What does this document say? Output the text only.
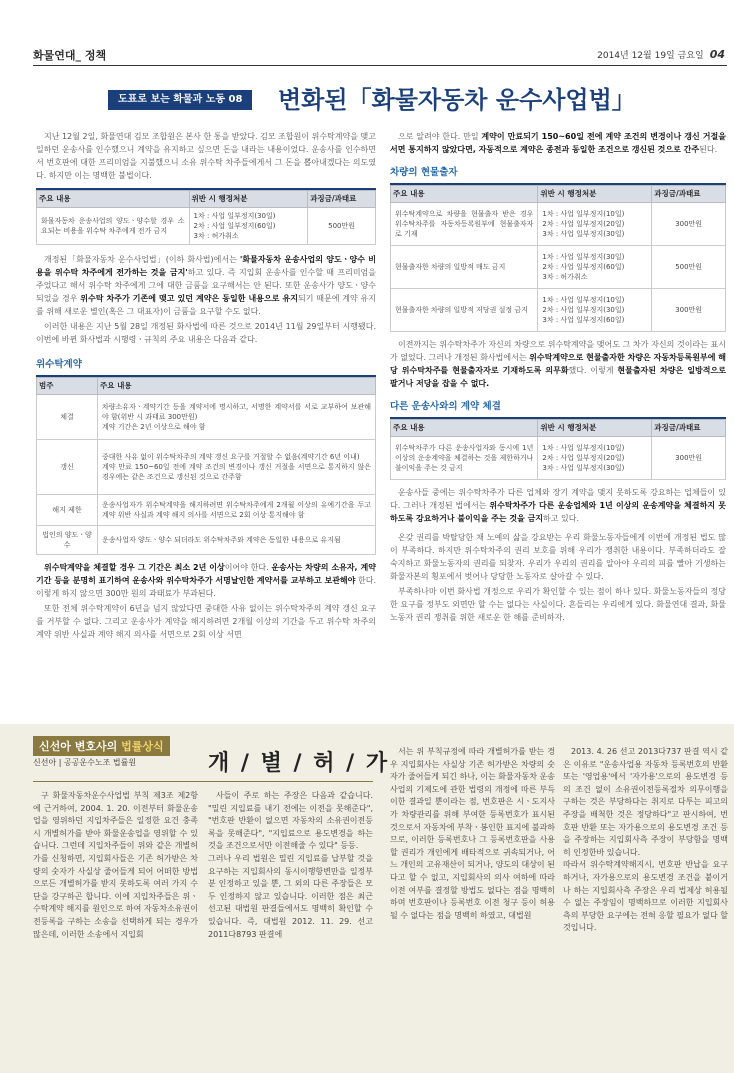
화물연대_ 정책	2014년 12월 19일 금요일 04
도표로 보는 화물과 노동 08	변화된「화물자동차 운수사업법」

지난 12월 2일, 화물연대 김모 조합원은 본사 한 통을 받았다. 김모 조합원이 위수탁계약을 맺고 일하던 운송사를 인수했으니 계약을 유지하고 싶으면 돈을 내라는 내용이었다. 운송사를 인수하면서 번호판에 대한 프리미엄을 지불했으니 소유 위수탁 차주들에게서 그 돈을 뽑아내겠다는 의도였다. 하지만 이는 명백한 불법이다.

주요 내용	위반 시 행정처분	과징금/과태료
화물자동차 운송사업의 양도ㆍ양수할 경우 소요되는 비용을 위수탁 차주에게 전가 금지	1차 : 사업 일부정지(30일)
2차 : 사업 일부정지(60일)
3차 : 허가취소	500만원

개정된「화물자동차 운수사업법」(이하 화사법)에서는 '화물자동차 운송사업의 양도ㆍ양수 비용을 위수탁 차주에게 전가하는 것을 금지'하고 있다. 즉 지입회 운송사를 인수할 때 프리미엄을 주었다고 해서 위수탁 차주에게 그에 대한 금품을 요구해서는 안 된다. 또한 운송사가 양도ㆍ양수되었을 경우 위수탁 차주가 기존에 맺고 있던 계약은 동일한 내용으로 유지되기 때문에 계약 유지를 위해 새로운 별인(혹은 그 대표자)이 금품을 요구할 수도 없다.

이러한 내용은 지난 5월 28일 개정된 화사법에 따른 것으로 2014년 11월 29일부터 시행됐다. 이번에 바뀐 화사법과 시행령ㆍ규칙의 주요 내용은 다음과 같다.

위수탁계약

범주	주요 내용
체결	차량소유자ㆍ계약기간 등을 계약서에 명시하고, 서명한 계약서를 서로 교부하여 보관해야 함(위반 시 과태료 300만원)
계약 기간은 2년 이상으로 해야 함
갱신	중대한 사유 없이 위수탁차주의 계약 갱신 요구를 거절할 수 없음(계약기간 6년 이내)
계약 만료 150~60일 전에 계약 조건의 변경이나 갱신 거절을 서면으로 통지하지 않은 경우에는 같은 조건으로 갱신된 것으로 간주함
해지 제한	운송사업자가 위수탁계약을 해지하려면 위수탁차주에게 2개월 이상의 유예기간을 두고 계약 위반 사실과 계약 해지 의사를 서면으로 2회 이상 통지해야 함
법인의 양도ㆍ양수	운송사업자 양도ㆍ양수 되더라도 위수탁차주와 계약은 동일한 내용으로 유지됨

위수탁계약을 체결할 경우 그 기간은 최소 2년 이상이어야 한다. 운송사는 차량의 소유자, 계약기간 등을 분명히 표기하여 운송사와 위수탁차주가 서명날인한 계약서를 교부하고 보관해야 한다. 이렇게 하지 않으면 300만 원의 과태료가 부과된다.

또한 전체 위수탁계약이 6년을 넘지 않았다면 중대한 사유 없이는 위수탁차주의 계약 갱신 요구를 거부할 수 없다. 그리고 운송사가 계약을 해지하려면 2개월 이상의 기간을 두고 위수탁 차주의 계약 위반 사실과 계약 해지 의사를 서면으로 2회 이상 서면

으로 알려야 한다. 만일 계약이 만료되기 150~60일 전에 계약 조건의 변경이나 갱신 거절을 서면 통지하지 않았다면, 자동적으로 계약은 종전과 동일한 조건으로 갱신된 것으로 간주된다.

차량의 현물출자

주요 내용	위반 시 행정처분	과징금/과태료
위수탁계약으로 차량을 현물출자 받은 경우 위수탁차주를 자동차등록원부에 현물출자자로 기재	1차 : 사업 일부정지(10일)
2차 : 사업 일부정지(20일)
3차 : 사업 일부정지(30일)	300만원
현물출자한 차량의 일방적 매도 금지	1차 : 사업 일부정지(30일)
2차 : 사업 일부정지(60일)
3차 : 허가취소	500만원
현물출자한 차량의 일방적 저당권 설정 금지	1차 : 사업 일부정지(10일)
2차 : 사업 일부정지(30일)
3차 : 사업 일부정지(60일)	300만원

이전까지는 위수탁차주가 자신의 차량으로 위수탁계약을 맺어도 그 차가 자신의 것이라는 표시가 없었다. 그러나 개정된 화사법에서는 위수탁계약으로 현물출자한 차량은 자동차등록원부에 해당 위수탁차주를 현물출자자로 기재하도록 의무화했다. 이렇게 현물출자된 차량은 일방적으로 팔거나 저당을 잡을 수 없다.

다른 운송사와의 계약 체결

주요 내용	위반 시 행정처분	과징금/과태료
위수탁차주가 다른 운송사업자와 동시에 1년 이상의 운송계약을 체결하는 것을 제한하거나 불이익을 주는 것 금지	1차 : 사업 일부정지(10일)
2차 : 사업 일부정지(20일)
3차 : 사업 일부정지(30일)	300만원

운송사들 중에는 위수탁차주가 다른 업체와 장기 계약을 맺지 못하도록 강요하는 업체들이 있다. 그러나 개정된 법에서는 위수탁차주가 다른 운송업체와 1년 이상의 운송계약을 체결하지 못하도록 강요하거나 불이익을 주는 것을 금지하고 있다.

온갖 권리를 박탈당한 채 노예의 삶을 강요받는 우리 화물노동자들에게 이번에 개정된 법도 많이 부족하다. 하지만 위수탁차주의 권리 보호를 위해 우리가 쟁취한 내용이다. 부족하더라도 잘 숙지하고 화물노동자의 권리를 되찾자. 우리가 우리의 권리를 알아야 우리의 피를 빨아 기생하는 화물자본의 횡포에서 벗어나 당당한 노동자로 살아갈 수 있다.

부족하나마 이번 화사법 개정으로 우리가 확인할 수 있는 점이 하나 있다. 화물노동자들의 정당한 요구를 정부도 외면만 할 수는 없다는 사실이다. 흔들리는 우리에게 있다. 화물연대 결과, 화물노동자 권리 쟁취를 위한 새로운 한 해를 준비하자.

신선아 변호사의 법률상식
신선아 | 공공운수노조 법률원	개 / 별 / 허 / 가

구 화물자동차운수사업법 부칙 제3조 제2항에 근거하여, 2004. 1. 20. 이전부터 화물운송업을 영위하던 지입차주들은 일정한 요건 충족시 개별허가를 받아 화물운송업을 영위할 수 있습니다. 그런데 지입차주들이 위와 같은 개별허가를 신청하면, 지입회사들은 기존 허가받은 차량의 숫자가 사실상 줄어들게 되어 어떠한 방법으로든 개별허가를 받지 못하도록 여러 가지 수단을 강구하곤 합니다. 이에 지입차주들은 위ㆍ수탁계약 해지를 원인으로 하여 자동차소유권이전등록을 구하는 소송을 선택하게 되는 경우가 많은데, 이러한 소송에서 지입회

사들이 주로 하는 주장은 다음과 같습니다. "밀린 지입료를 내기 전에는 이전을 못해준다", "번호판 반환이 없으면 자동차의 소유권이전등록을 못해준다", "지입료으로 용도변경을 하는 것을 조건으로서만 이전해줄 수 있다" 등등.
그러나 우리 법원은 밀린 지입료를 납부할 것을 요구하는 지입회사의 동시이행항변만을 일정부분 인정하고 있을 뿐, 그 외의 다른 주장들은 모두 인정하지 않고 있습니다. 이러한 점은 최근 선고된 대법원 판결들에서도 명백히 확인할 수 있습니다. 즉, 대법원 2012. 11. 29. 선고 2011다8793 판결에

서는 위 부칙규정에 따라 개별허가를 받는 경우 지입회사는 사실상 기존 허가받은 차량의 숫자가 줄어들게 되긴 하나, 이는 화물자동차 운송사업의 기제도에 관한 법령의 개정에 따른 부득이한 결과일 뿐이라는 점, 번호판은 시ㆍ도지사가 차량관리를 위해 부여한 등록번호가 표시된 것으로서 자동차에 부착ㆍ봉인한 표지에 불과하므로, 이러한 등록번호나 그 등록번호판을 사용할 권리가 개인에게 배타적으로 귀속되거나, 어느 개인의 고유재산이 되거나, 양도의 대상이 된다고 할 수 없고, 지입회사의 의사 여하에 따라 이전 여부를 결정할 방법도 없다는 점을 명백히 하며 번호판이나 등록번호 이전 청구 등이 허용될 수 없다는 점을 명백히 하였고, 대법원

2013. 4. 26 선고 2013다737 판결 역시 같은 이유로 "운송사업용 자동차 등록번호의 반환 또는 '영업용'에서 '자가용'으로의 용도변경 등의 조건 없이 소유권이전등록절차 의무이행을 구하는 것은 부당하다는 취지로 다투는 피고의 주장을 배척한 것은 정당하다"고 판시하여, 번호판 반환 또는 자가용으로의 용도변경 조건 등을 주장하는 지입회사측 주장이 부당함을 명백히 인정한바 있습니다.
따라서 위수탁계약해지시, 번호판 반납을 요구하거나, 자가용으로의 용도변경 조건을 붙이거나 하는 지입회사측 주장은 우리 법제상 허용될 수 없는 주장임이 명백하므로 이러한 지입회사측의 부당한 요구에는 전혀 응할 필요가 없다 할 것입니다.
